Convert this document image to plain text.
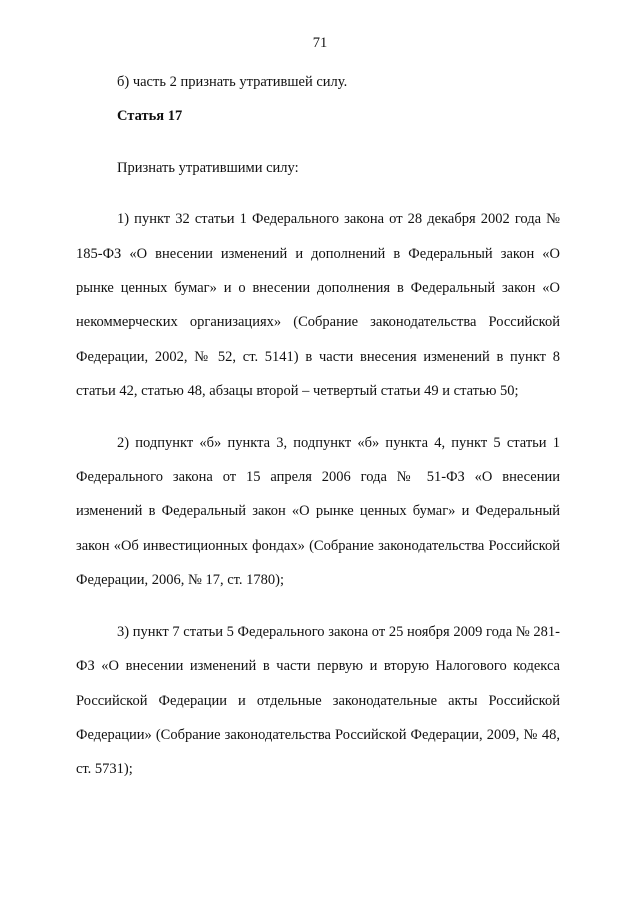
71

б) часть 2 признать утратившей силу.

Статья 17

Признать утратившими силу:

1) пункт 32 статьи 1 Федерального закона от 28 декабря 2002 года № 185-ФЗ «О внесении изменений и дополнений в Федеральный закон «О рынке ценных бумаг» и о внесении дополнения в Федеральный закон «О некоммерческих организациях» (Собрание законодательства Российской Федерации, 2002, № 52, ст. 5141) в части внесения изменений в пункт 8 статьи 42, статью 48, абзацы второй – четвертый статьи 49 и статью 50;

2) подпункт «б» пункта 3, подпункт «б» пункта 4, пункт 5 статьи 1 Федерального закона от 15 апреля 2006 года № 51-ФЗ «О внесении изменений в Федеральный закон «О рынке ценных бумаг» и Федеральный закон «Об инвестиционных фондах» (Собрание законодательства Российской Федерации, 2006, № 17, ст. 1780);

3) пункт 7 статьи 5 Федерального закона от 25 ноября 2009 года № 281-ФЗ «О внесении изменений в части первую и вторую Налогового кодекса Российской Федерации и отдельные законодательные акты Российской Федерации» (Собрание законодательства Российской Федерации, 2009, № 48, ст. 5731);
